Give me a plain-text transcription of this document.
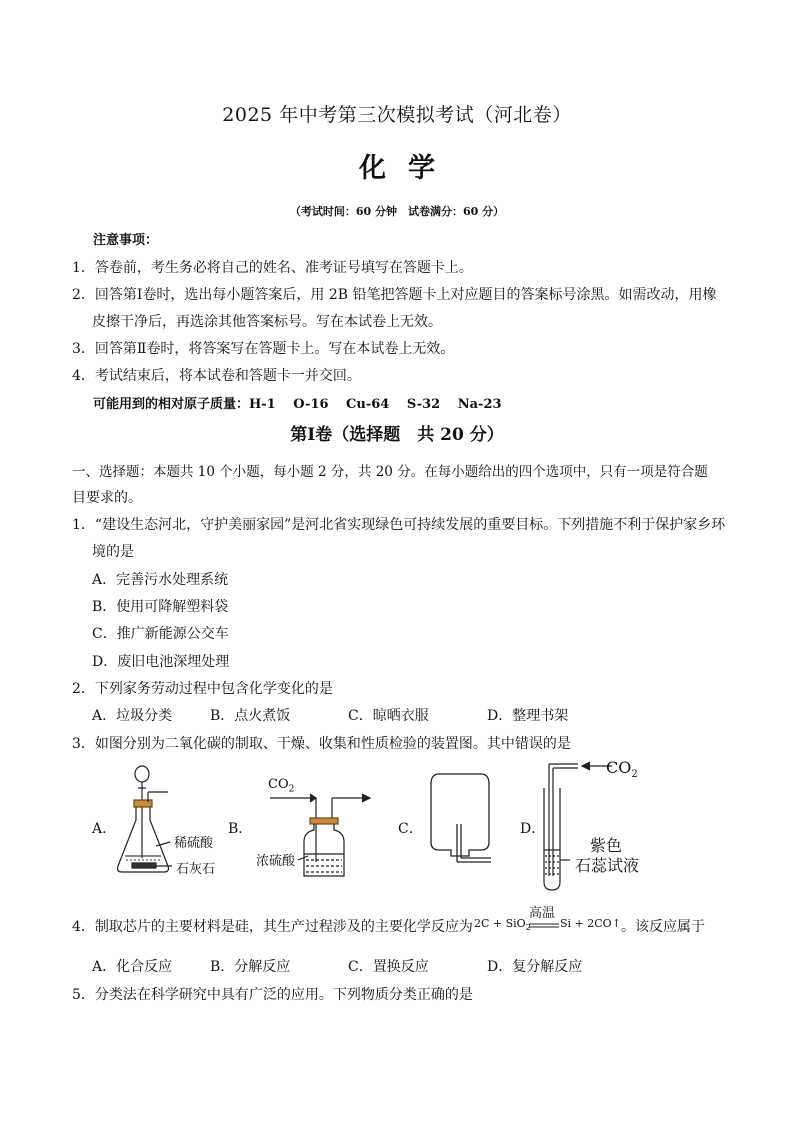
2025 年中考第三次模拟考试（河北卷）
化学
（考试时间：60 分钟　试卷满分：60 分）
注意事项：
1．答卷前，考生务必将自己的姓名、准考证号填写在答题卡上。
2．回答第Ⅰ卷时，选出每小题答案后，用 2B 铅笔把答题卡上对应题目的答案标号涂黑。如需改动，用橡
皮擦干净后，再选涂其他答案标号。写在本试卷上无效。
3．回答第Ⅱ卷时，将答案写在答题卡上。写在本试卷上无效。
4．考试结束后，将本试卷和答题卡一并交回。
可能用到的相对原子质量：H-1　 O-16　 Cu-64　 S-32　 Na-23
第Ⅰ卷（选择题　共 20 分）
一、选择题：本题共 10 个小题，每小题 2 分，共 20 分。在每小题给出的四个选项中，只有一项是符合题
目要求的。
1．“建设生态河北，守护美丽家园”是河北省实现绿色可持续发展的重要目标。下列措施不利于保护家乡环
境的是
A．完善污水处理系统
B．使用可降解塑料袋
C．推广新能源公交车
D．废旧电池深埋处理
2．下列家务劳动过程中包含化学变化的是
A．垃圾分类	B．点火煮饭	C．晾晒衣服	D．整理书架
3．如图分别为二氧化碳的制取、干燥、收集和性质检验的装置图。其中错误的是
A．
稀硫酸
石灰石
B．
$CO_2$
浓硫酸
C．	D．
$CO_2$
紫色
石蕊试液
4．制取芯片的主要材料是硅，其生产过程涉及的主要化学反应为 2C + SiO$_2$
高温
Si + 2CO↑ 。该反应属于
A．化合反应	B．分解反应	C．置换反应	D．复分解反应
5．分类法在科学研究中具有广泛的应用。下列物质分类正确的是
